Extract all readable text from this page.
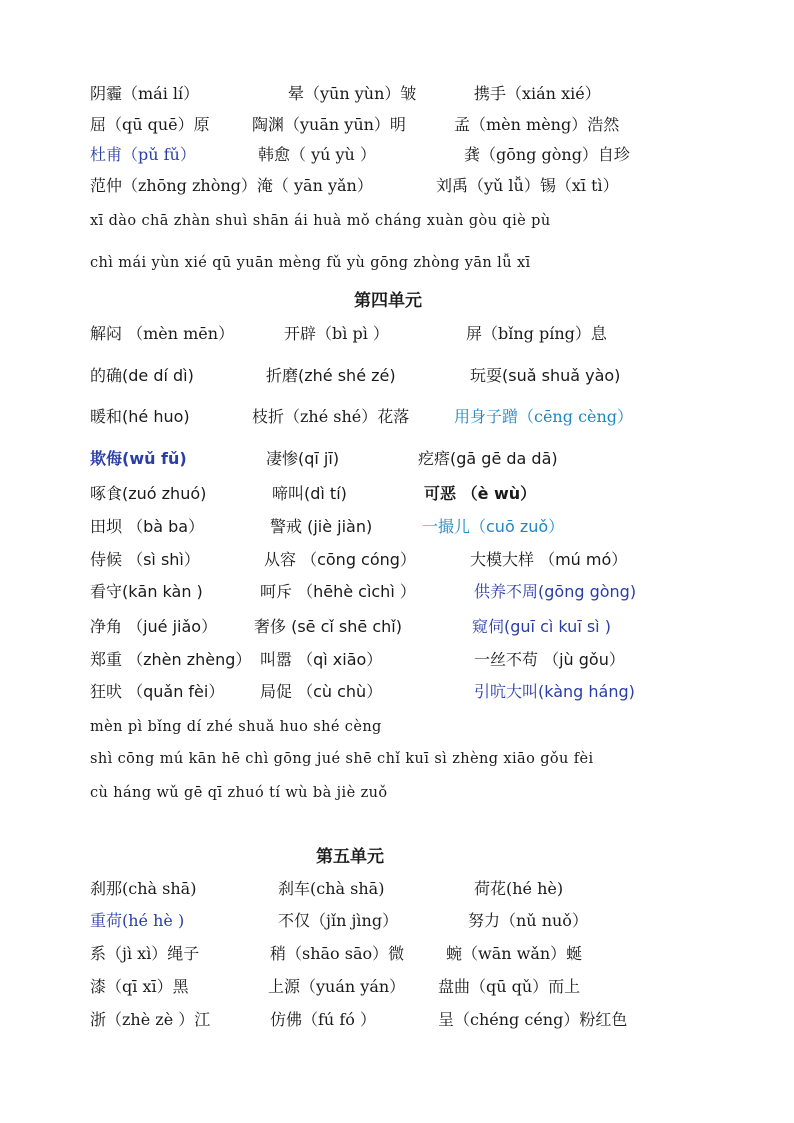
阴霾（mái lí）	晕（yūn yùn）皱	携手（xián xié）
屈（qū quē）原	陶渊（yuān yūn）明	孟（mèn mèng）浩然
杜甫（pǔ fǔ）	韩愈（ yú yù ）	龚（gōng gòng）自珍
范仲（zhōng zhòng）淹（ yān yǎn）	刘禹（yǔ lǚ）锡（xī tì）
xī dào chā zhàn shuì shān ái huà mǒ cháng xuàn gòu qiè pù
chì mái yùn xié qū yuān mèng fǔ yù gōng zhòng yān lǚ xī
第四单元
解闷 （mèn mēn）	开辟（bì pì ）	屏（bǐng píng）息
的确(de dí dì)	折磨(zhé shé zé)	玩耍(suǎ shuǎ yào)
暖和(hé huo)	枝折（zhé shé）花落	用身子蹭（cēng cèng）
欺侮(wǔ fǔ)	凄惨(qī jī)	疙瘩(gā gē da dā)
啄食(zuó zhuó)	啼叫(dì tí)	可恶 （è wù）
田坝 （bà ba）	警戒 (jiè jiàn)	一撮儿（cuō zuǒ）
侍候 （sì shì）	从容 （cōng cóng）	大模大样 （mú mó）
看守(kān kàn )	呵斥 （hēhè cìchì ）	供养不周(gōng gòng)
净角 （jué jiǎo） 奢侈 (sē cǐ shē chǐ)	窥伺(guī cì kuī sì )
郑重 （zhèn zhèng） 叫嚣 （qì xiāo）	一丝不苟 （jù gǒu）
狂吠 （quǎn fèi） 局促 （cù chù）	引吭大叫(kàng háng)
mèn pì bǐng dí zhé shuǎ huo shé cèng
shì cōng mú kān hē chì gōng jué shē chǐ kuī sì zhèng xiāo gǒu fèi
cù háng wǔ gē qī zhuó tí wù bà jiè zuǒ
第五单元
刹那(chà shā)	刹车(chà shā)	荷花(hé hè)
重荷(hé hè )	不仅（jǐn jìng）	努力（nǔ nuǒ）
系（jì xì）绳子	稍（shāo sāo）微	蜿（wān wǎn）蜒
漆（qī xī）黑	上源（yuán yán） 盘曲（qū qǔ）而上
浙（zhè zè ）江	仿佛（fú fó ）	呈（chéng céng）粉红色
